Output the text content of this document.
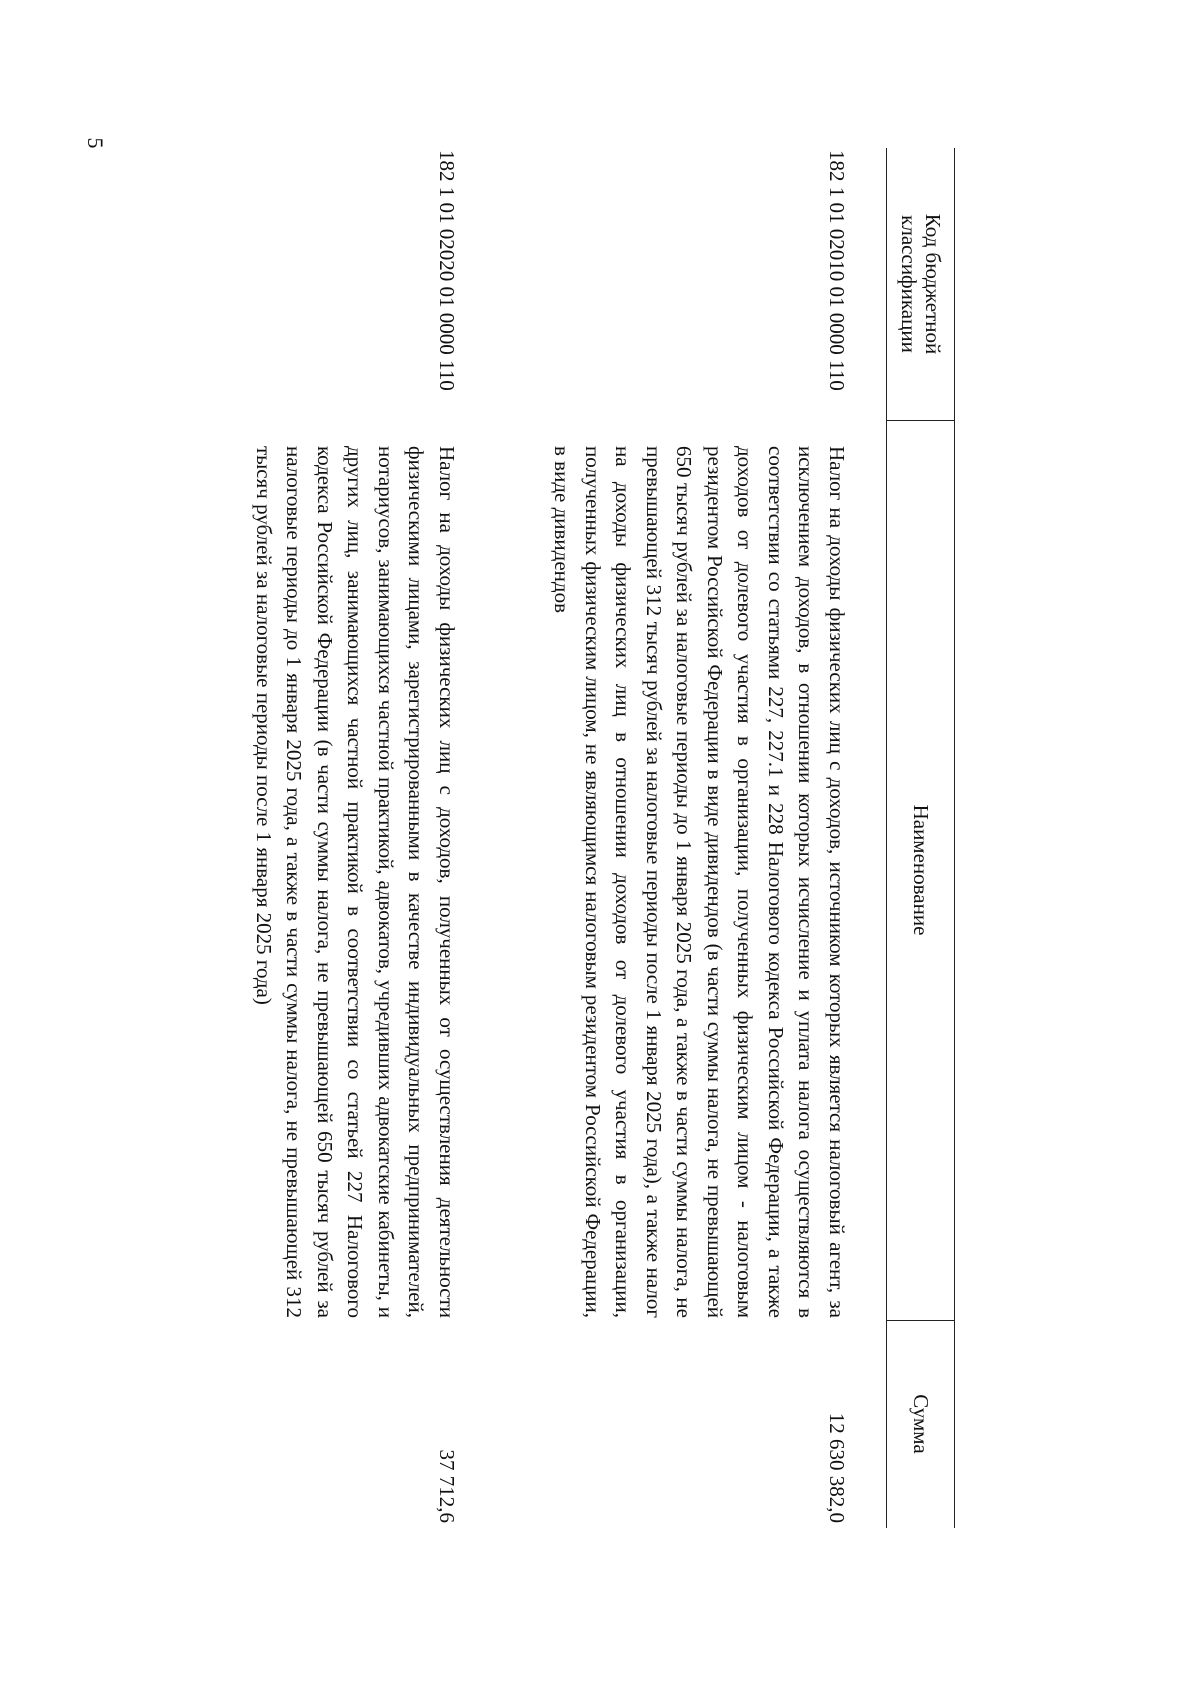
5
Код бюджетной классификации
Наименование
Сумма
182 1 01 02010 01 0000 110
Налог на доходы физических лиц с доходов, источником которых является налоговый агент, за исключением доходов, в отношении которых исчисление и уплата налога осуществляются в соответствии со статьями 227, 227.1 и 228 Налогового кодекса Российской Федерации, а также доходов от долевого участия в организации, полученных физическим лицом - налоговым резидентом Российской Федерации в виде дивидендов (в части суммы налога, не превышающей 650 тысяч рублей за налоговые периоды до 1 января 2025 года, а также в части суммы налога, не превышающей 312 тысяч рублей за налоговые периоды после 1 января 2025 года), а также налог на доходы физических лиц в отношении доходов от долевого участия в организации, полученных физическим лицом, не являющимся налоговым резидентом Российской Федерации, в виде дивидендов
12 630 382,0
182 1 01 02020 01 0000 110
Налог на доходы физических лиц с доходов, полученных от осуществления деятельности физическими лицами, зарегистрированными в качестве индивидуальных предпринимателей, нотариусов, занимающихся частной практикой, адвокатов, учредивших адвокатские кабинеты, и других лиц, занимающихся частной практикой в соответствии со статьей 227 Налогового кодекса Российской Федерации (в части суммы налога, не превышающей 650 тысяч рублей за налоговые периоды до 1 января 2025 года, а также в части суммы налога, не превышающей 312 тысяч рублей за налоговые периоды после 1 января 2025 года)
37 712,6
